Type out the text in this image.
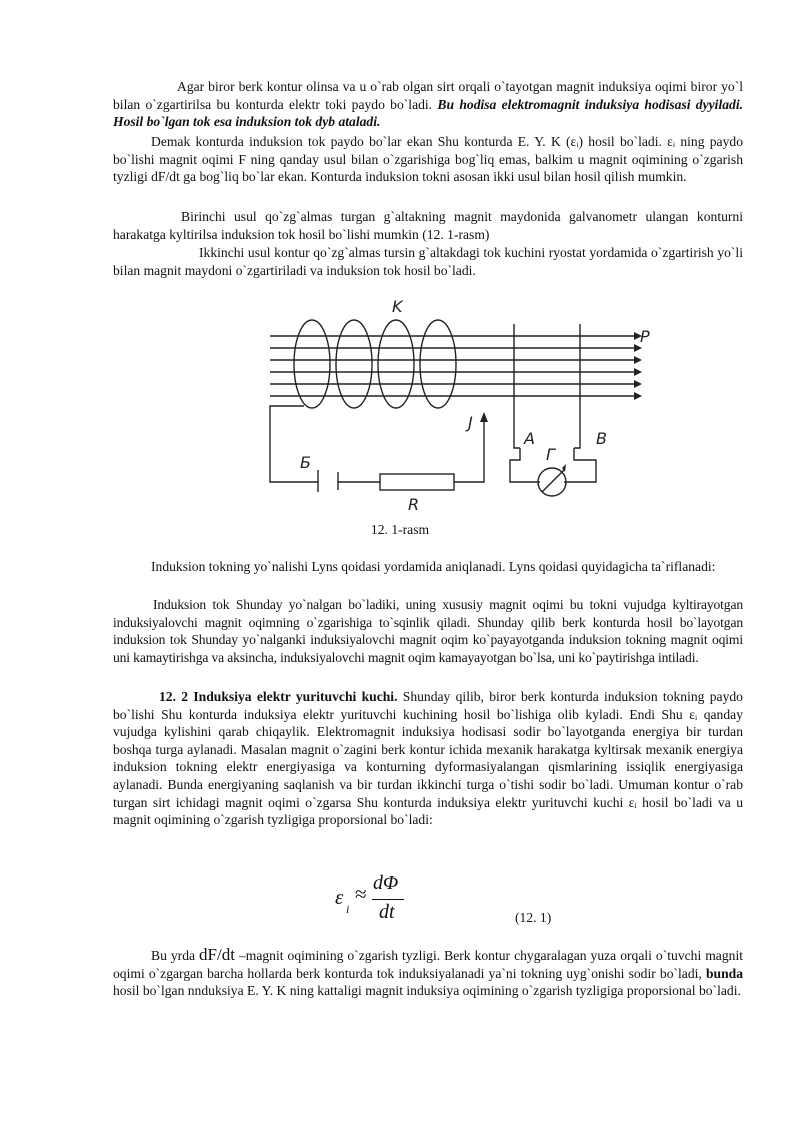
Agar biror berk kontur olinsa va u o`rab olgan sirt orqali o`tayotgan magnit induksiya oqimi biror yo`l bilan o`zgartirilsa bu konturda elektr toki paydo bo`ladi. Bu hodisa elektromagnit induksiya hodisasi dyyiladi. Hosil bo`lgan tok esa induksion tok dyb ataladi.

Demak konturda induksion tok paydo bo`lar ekan Shu konturda E. Y. K (εᵢ) hosil bo`ladi. εᵢ ning paydo bo`lishi magnit oqimi F ning qanday usul bilan o`zgarishiga bog`liq emas, balkim u magnit oqimining o`zgarish tyzligi dF/dt ga bog`liq bo`lar ekan. Konturda induksion tokni asosan ikki usul bilan hosil qilish mumkin.

Birinchi usul qo`zg`almas turgan g`altakning magnit maydonida galvanometr ulangan konturni harakatga kyltirilsa induksion tok hosil bo`lishi mumkin (12. 1-rasm)

Ikkinchi usul kontur qo`zg`almas tursin g`altakdagi tok kuchini ryostat yordamida o`zgartirish yo`li bilan magnit maydoni o`zgartiriladi va induksion tok hosil bo`ladi.

K
P
J
Б
R
A	B
Г
12. 1-rasm

Induksion tokning yo`nalishi Lyns qoidasi yordamida aniqlanadi. Lyns qoidasi quyidagicha ta`riflanadi:

Induksion tok Shunday yo`nalgan bo`ladiki, uning xususiy magnit oqimi bu tokni vujudga kyltirayotgan induksiyalovchi magnit oqimning o`zgarishiga to`sqinlik qiladi. Shunday qilib berk konturda hosil bo`layotgan induksion tok Shunday yo`nalganki induksiyalovchi magnit oqim ko`payayotganda induksion tokning magnit oqimi uni kamaytirishga va aksincha, induksiyalovchi magnit oqim kamayayotgan bo`lsa, uni ko`paytirishga intiladi.

12. 2 Induksiya elektr yurituvchi kuchi. Shunday qilib, biror berk konturda induksion tokning paydo bo`lishi Shu konturda induksiya elektr yurituvchi kuchining hosil bo`lishiga olib kyladi. Endi Shu εᵢ qanday vujudga kylishini qarab chiqaylik. Elektromagnit induksiya hodisasi sodir bo`layotganda energiya bir turdan boshqa turga aylanadi. Masalan magnit o`zagini berk kontur ichida mexanik harakatga kyltirsak mexanik energiya induksion tokning elektr energiyasiga va konturning dyformasiyalangan qismlarining issiqlik energiyasiga aylanadi. Bunda energiyaning saqlanish va bir turdan ikkinchi turga o`tishi sodir bo`ladi. Umuman kontur o`rab turgan sirt ichidagi magnit oqimi o`zgarsa Shu konturda induksiya elektr yurituvchi kuchi εᵢ hosil bo`ladi va u magnit oqimining o`zgarish tyzligiga proporsional bo`ladi:

ε i
≈ dΦ
dt	(12. 1)

Bu yrda dF/dt –magnit oqimining o`zgarish tyzligi. Berk kontur chygaralagan yuza orqali o`tuvchi magnit oqimi o`zgargan barcha hollarda berk konturda tok induksiyalanadi ya`ni tokning uyg`onishi sodir bo`ladi, bunda hosil bo`lgan nnduksiya E. Y. K ning kattaligi magnit induksiya oqimining o`zgarish tyzligiga proporsional bo`ladi.
